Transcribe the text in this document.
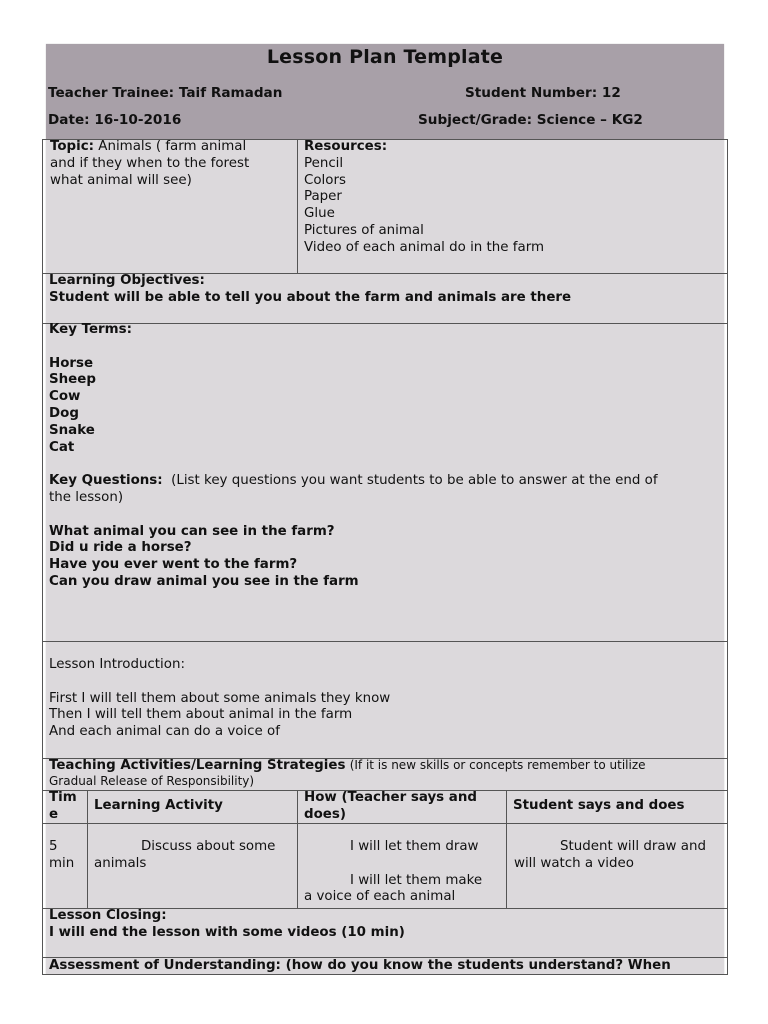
Lesson Plan Template
Teacher Trainee: Taif Ramadan	Student Number: 12
Date: 16-10-2016	Subject/Grade: Science – KG2
Topic: Animals ( farm animal
and if they when to the forest
what animal will see)
Resources:
Pencil
Colors
Paper
Glue
Pictures of animal
Video of each animal do in the farm
Learning Objectives:
Student will be able to tell you about the farm and animals are there
Key Terms:

Horse
Sheep
Cow
Dog
Snake
Cat

Key Questions: (List key questions you want students to be able to answer at the end of
the lesson)

What animal you can see in the farm?
Did u ride a horse?
Have you ever went to the farm?
Can you draw animal you see in the farm
Lesson Introduction:

First I will tell them about some animals they know
Then I will tell them about animal in the farm
And each animal can do a voice of
Teaching Activities/Learning Strategies (If it is new skills or concepts remember to utilize
Gradual Release of Responsibility)
Tim
e
Learning Activity
How (Teacher says and
does)
Student says and does
5
min
Discuss about some
animals
I will let them draw

I will let them make
a voice of each animal
Student will draw and
will watch a video
Lesson Closing:
I will end the lesson with some videos (10 min)
Assessment of Understanding: (how do you know the students understand? When
